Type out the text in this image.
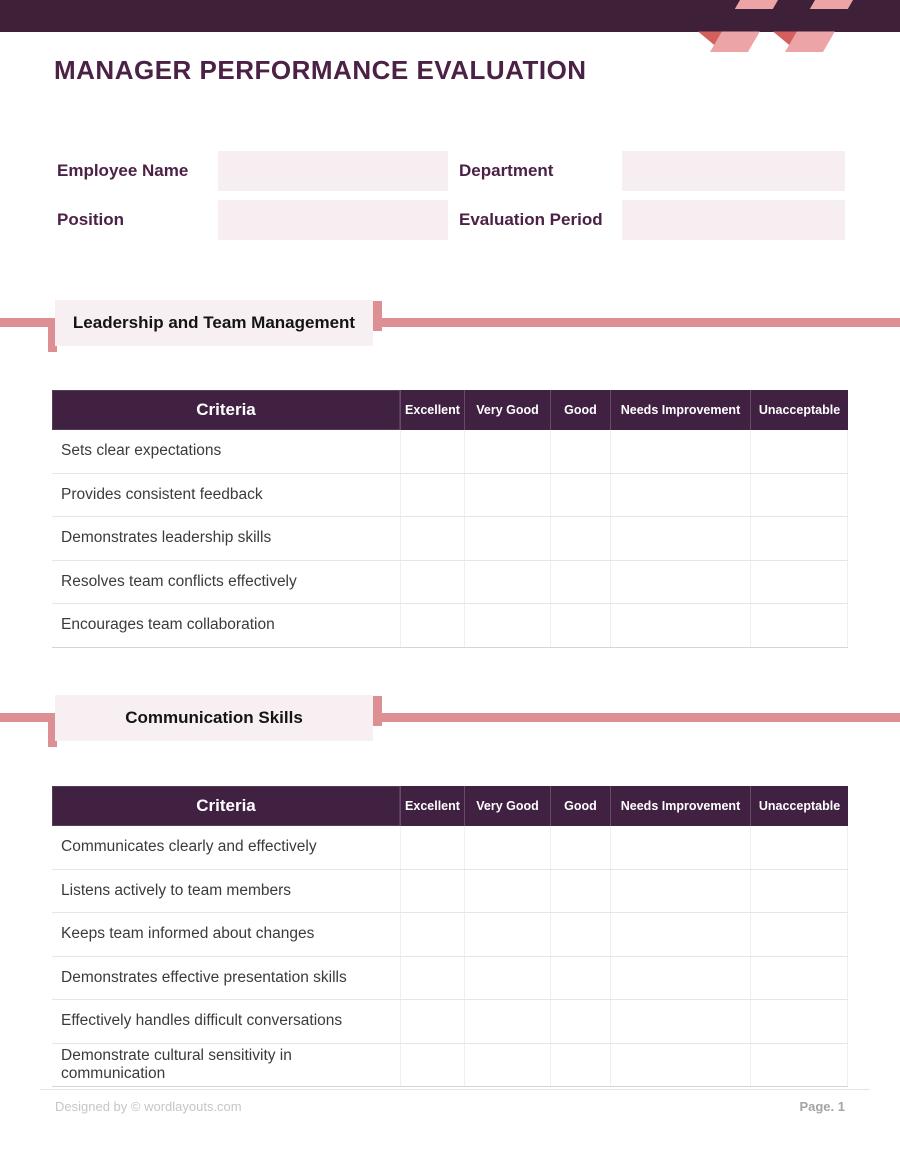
MANAGER PERFORMANCE EVALUATION
Employee Name	Department
Position	Evaluation Period
Leadership and Team Management
Criteria	Excellent	Very Good	Good	Needs Improvement	Unacceptable
Sets clear expectations
Provides consistent feedback
Demonstrates leadership skills
Resolves team conflicts effectively
Encourages team collaboration
Communication Skills
Criteria	Excellent	Very Good	Good	Needs Improvement	Unacceptable
Communicates clearly and effectively
Listens actively to team members
Keeps team informed about changes
Demonstrates effective presentation skills
Effectively handles difficult conversations
Demonstrate cultural sensitivity in communication
Designed by © wordlayouts.com	Page. 1
